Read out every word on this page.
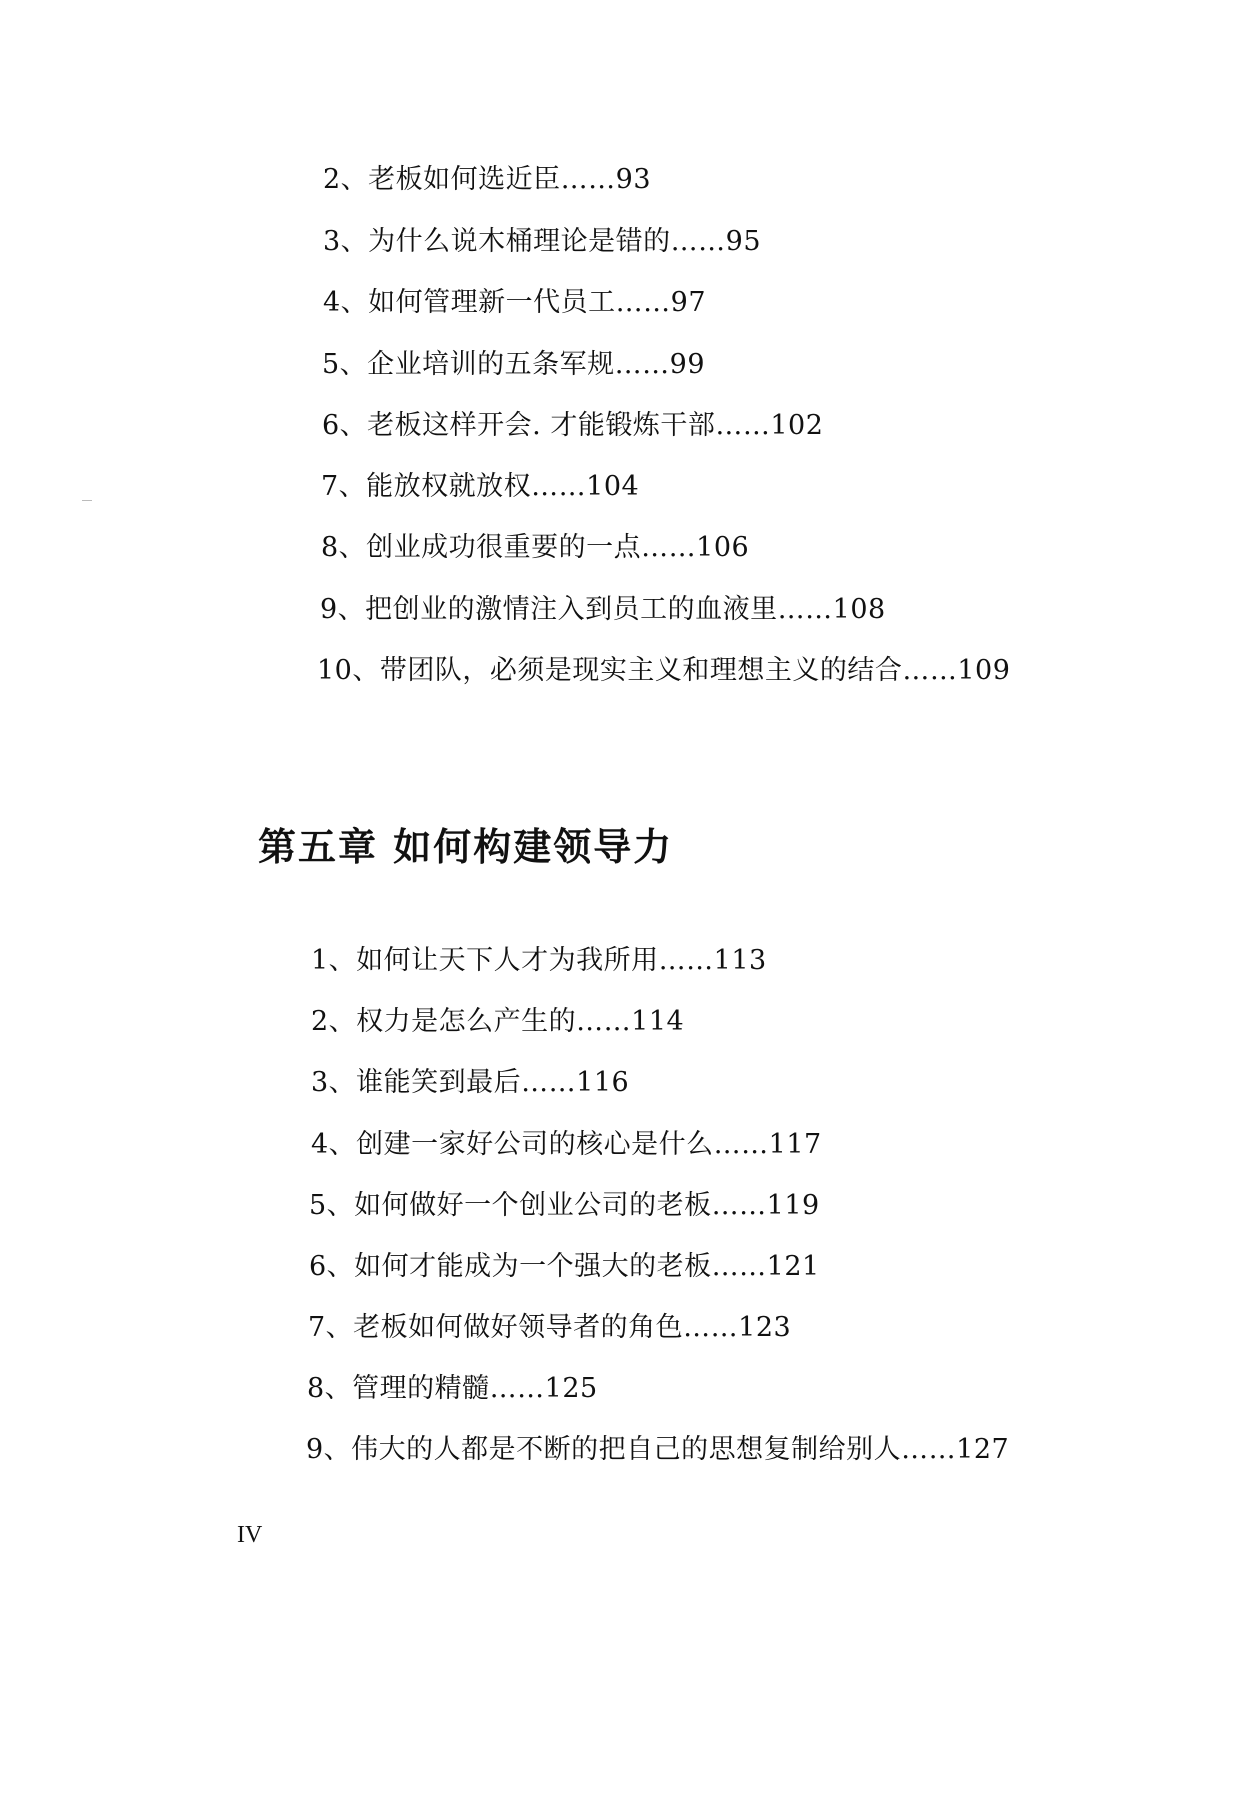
2、老板如何选近臣……93
3、为什么说木桶理论是错的……95
4、如何管理新一代员工……97
5、企业培训的五条军规……99
6、老板这样开会. 才能锻炼干部……102
7、能放权就放权……104
8、创业成功很重要的一点……106
9、把创业的激情注入到员工的血液里……108
10、带团队，必须是现实主义和理想主义的结合……109
第五章 如何构建领导力
1、如何让天下人才为我所用……113
2、权力是怎么产生的……114
3、谁能笑到最后……116
4、创建一家好公司的核心是什么……117
5、如何做好一个创业公司的老板……119
6、如何才能成为一个强大的老板……121
7、老板如何做好领导者的角色……123
8、管理的精髓……125
9、伟大的人都是不断的把自己的思想复制给别人……127
IV
